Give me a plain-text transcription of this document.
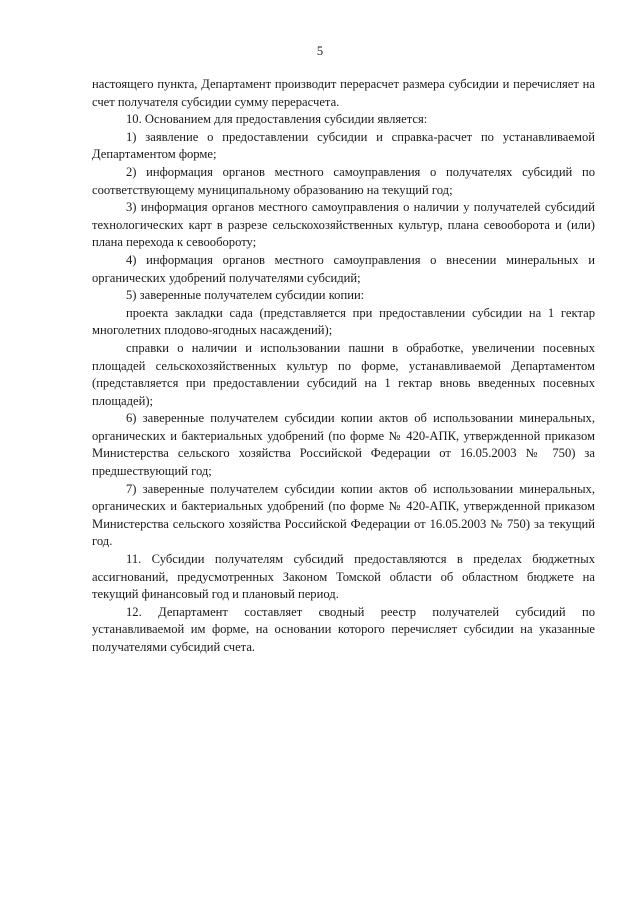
5

настоящего пункта, Департамент производит перерасчет размера субсидии и перечисляет на счет получателя субсидии сумму перерасчета.

10. Основанием для предоставления субсидии является:

1) заявление о предоставлении субсидии и справка-расчет по устанавливаемой Департаментом форме;

2) информация органов местного самоуправления о получателях субсидий по соответствующему муниципальному образованию на текущий год;

3) информация органов местного самоуправления о наличии у получателей субсидий технологических карт в разрезе сельскохозяйственных культур, плана севооборота и (или) плана перехода к севообороту;

4) информация органов местного самоуправления о внесении минеральных и органических удобрений получателями субсидий;

5) заверенные получателем субсидии копии:

проекта закладки сада (представляется при предоставлении субсидии на 1 гектар многолетних плодово-ягодных насаждений);

справки о наличии и использовании пашни в обработке, увеличении посевных площадей сельскохозяйственных культур по форме, устанавливаемой Департаментом (представляется при предоставлении субсидий на 1 гектар вновь введенных посевных площадей);

6) заверенные получателем субсидии копии актов об использовании минеральных, органических и бактериальных удобрений (по форме № 420-АПК, утвержденной приказом Министерства сельского хозяйства Российской Федерации от 16.05.2003 № 750) за предшествующий год;

7) заверенные получателем субсидии копии актов об использовании минеральных, органических и бактериальных удобрений (по форме № 420-АПК, утвержденной приказом Министерства сельского хозяйства Российской Федерации от 16.05.2003 № 750) за текущий год.

11. Субсидии получателям субсидий предоставляются в пределах бюджетных ассигнований, предусмотренных Законом Томской области об областном бюджете на текущий финансовый год и плановый период.

12. Департамент составляет сводный реестр получателей субсидий по устанавливаемой им форме, на основании которого перечисляет субсидии на указанные получателями субсидий счета.
